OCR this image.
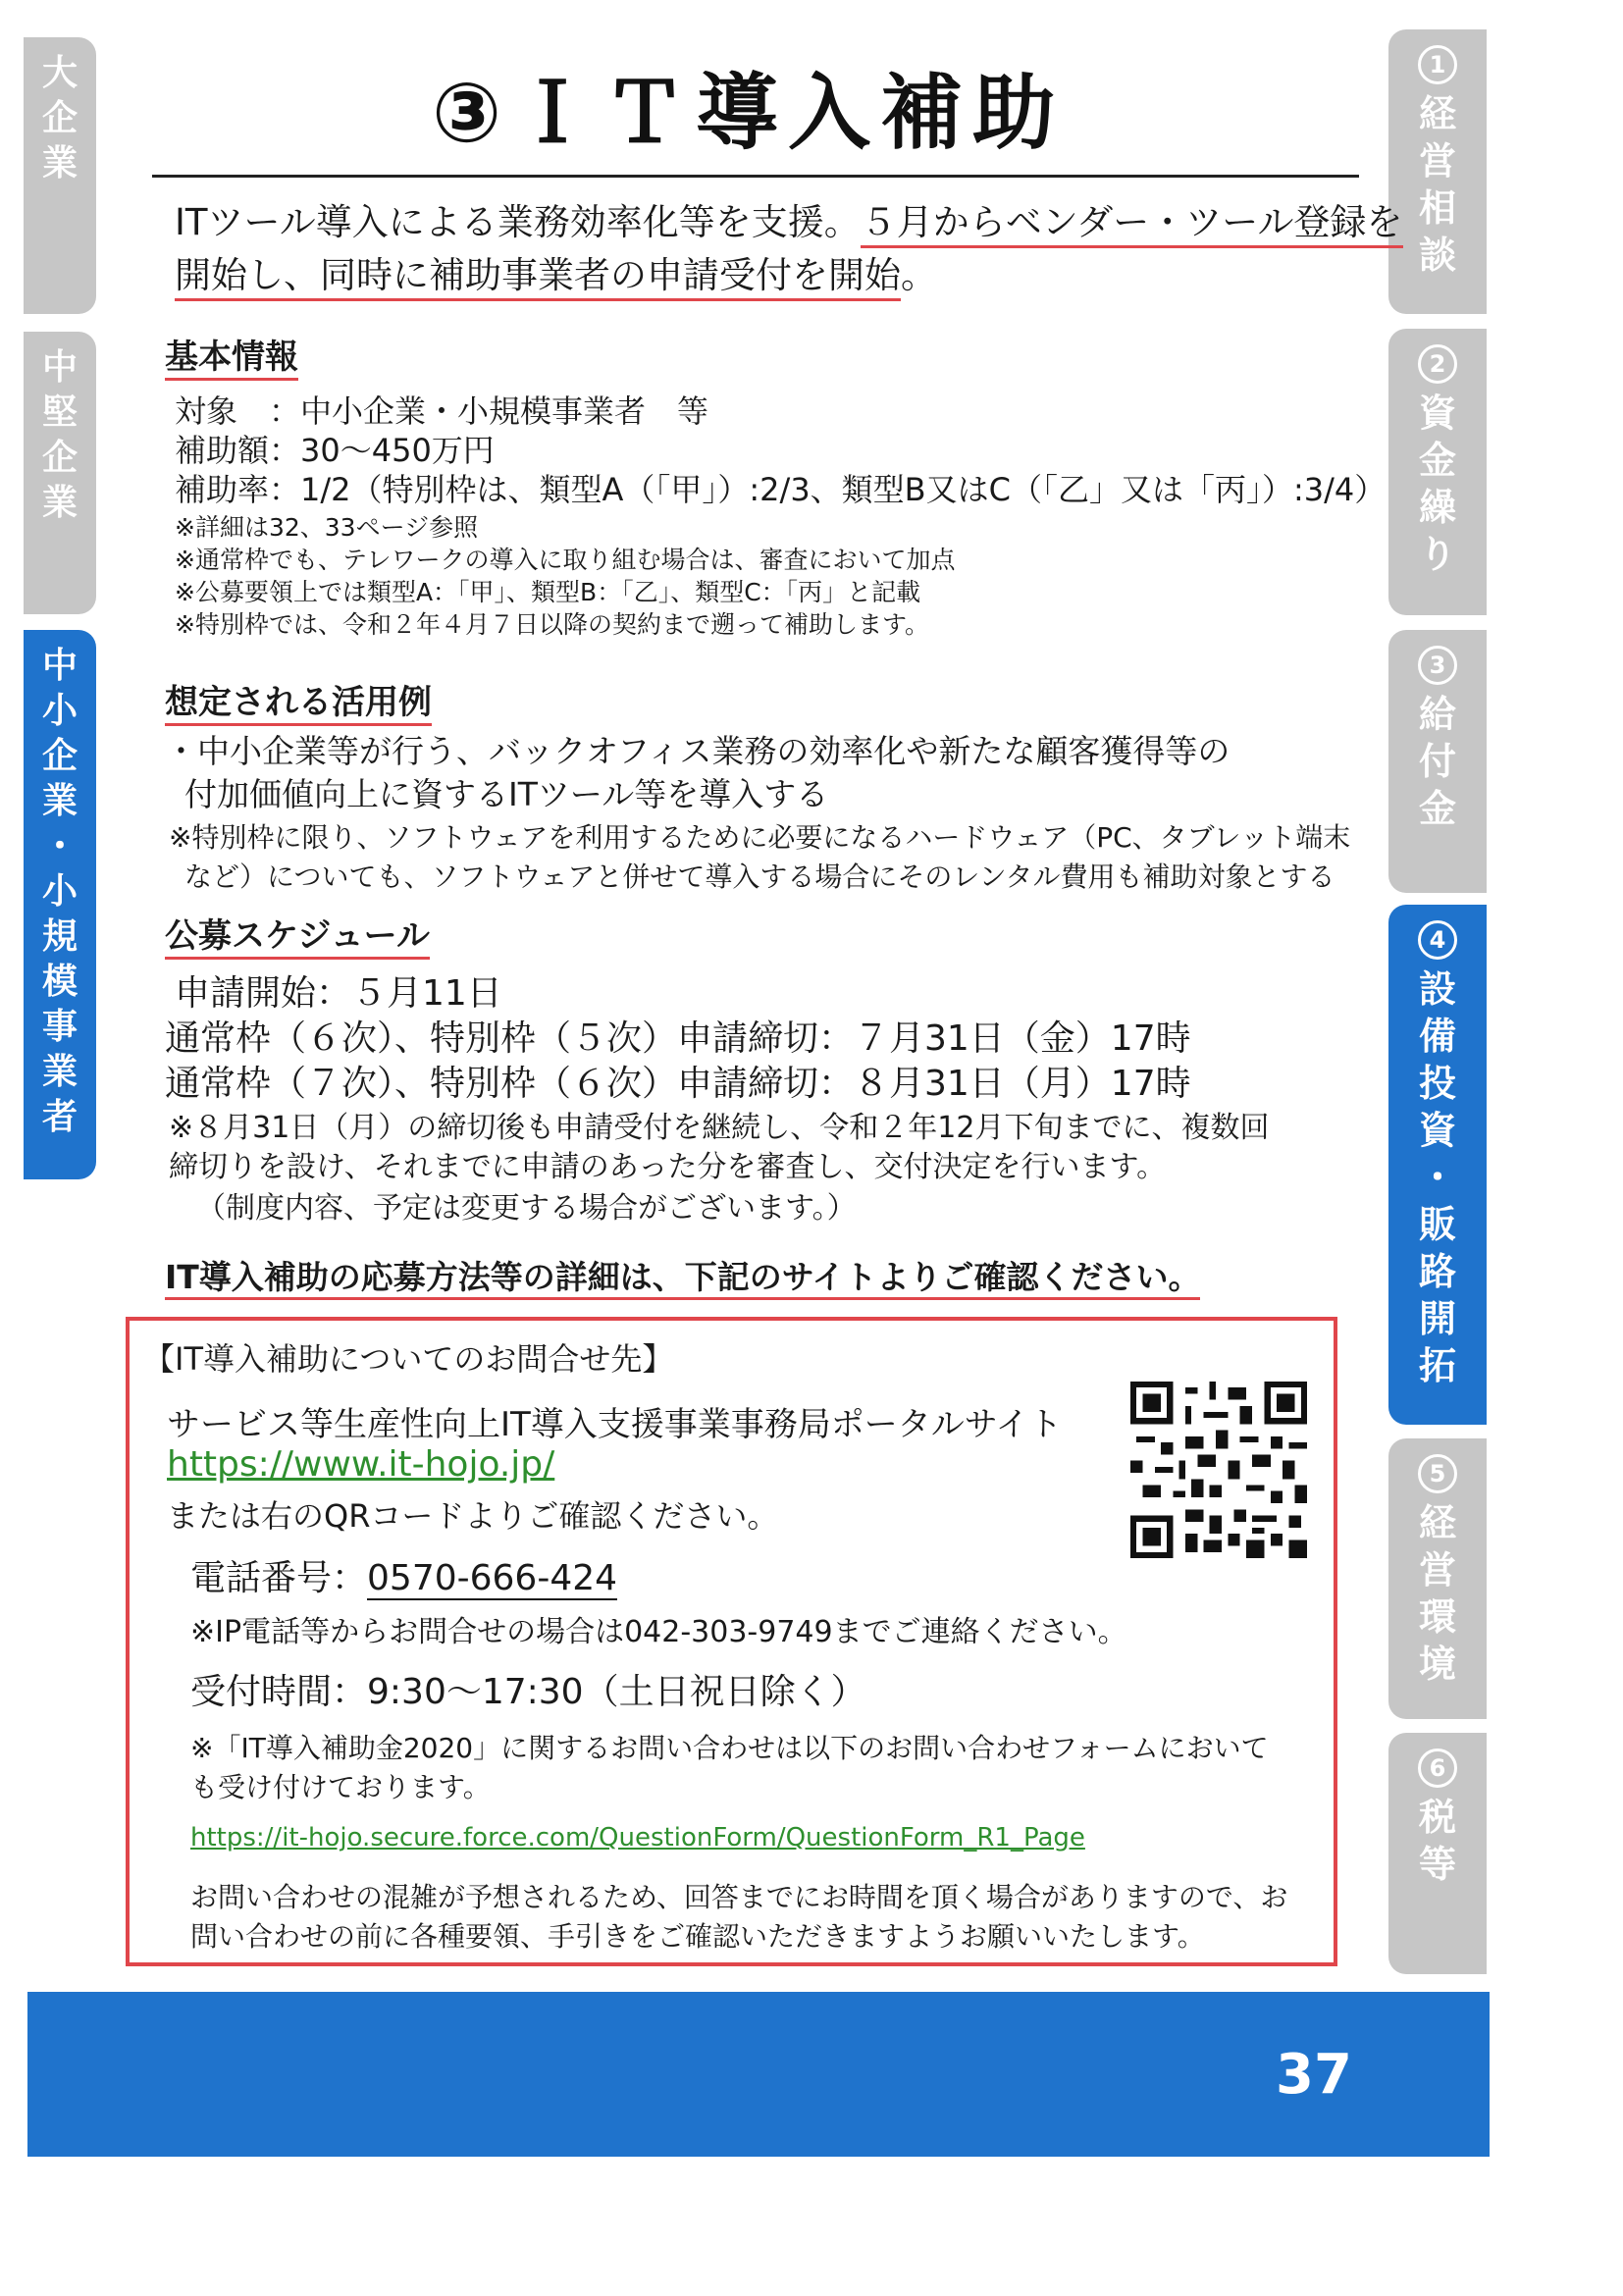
大
企
業
中
堅
企
業
中
小
企
業
・
小
規
模
事
業
者
1
経
営
相
談
2
資
金
繰
り
3
給
付
金
4
設
備
投
資
・
販
路
開
拓
5
経
営
環
境
6
税
等
③ＩＴ導入補助
ITツール導入による業務効率化等を支援。５月からベンダー・ツール登録を
開始し、同時に補助事業者の申請受付を開始。
基本情報
対象　：中小企業・小規模事業者　等
補助額：30～450万円
補助率：1/2（特別枠は、類型A（「甲」）:2/3、類型B又はC（「乙」又は「丙」）:3/4）
※詳細は32、33ページ参照
※通常枠でも、テレワークの導入に取り組む場合は、審査において加点
※公募要領上では類型A：「甲」、類型B：「乙」、類型C：「丙」と記載
※特別枠では、令和２年４月７日以降の契約まで遡って補助します。
想定される活用例
・中小企業等が行う、バックオフィス業務の効率化や新たな顧客獲得等の
付加価値向上に資するITツール等を導入する
※特別枠に限り、ソフトウェアを利用するために必要になるハードウェア（PC、タブレット端末
など）についても、ソフトウェアと併せて導入する場合にそのレンタル費用も補助対象とする
公募スケジュール
申請開始：５月11日
通常枠（６次）、特別枠（５次）申請締切：７月31日（金）17時
通常枠（７次）、特別枠（６次）申請締切：８月31日（月）17時
※８月31日（月）の締切後も申請受付を継続し、令和２年12月下旬までに、複数回
締切りを設け、それまでに申請のあった分を審査し、交付決定を行います。
（制度内容、予定は変更する場合がございます。）
IT導入補助の応募方法等の詳細は、下記のサイトよりご確認ください。
【IT導入補助についてのお問合せ先】
サービス等生産性向上IT導入支援事業事務局ポータルサイト
https://www.it-hojo.jp/
または右のQRコードよりご確認ください。
電話番号：0570-666-424
※IP電話等からお問合せの場合は042-303-9749までご連絡ください。
受付時間：9:30～17:30（土日祝日除く）
※「IT導入補助金2020」に関するお問い合わせは以下のお問い合わせフォームにおいて
も受け付けております。
https://it-hojo.secure.force.com/QuestionForm/QuestionForm_R1_Page
お問い合わせの混雑が予想されるため、回答までにお時間を頂く場合がありますので、お
問い合わせの前に各種要領、手引きをご確認いただきますようお願いいたします。
37
